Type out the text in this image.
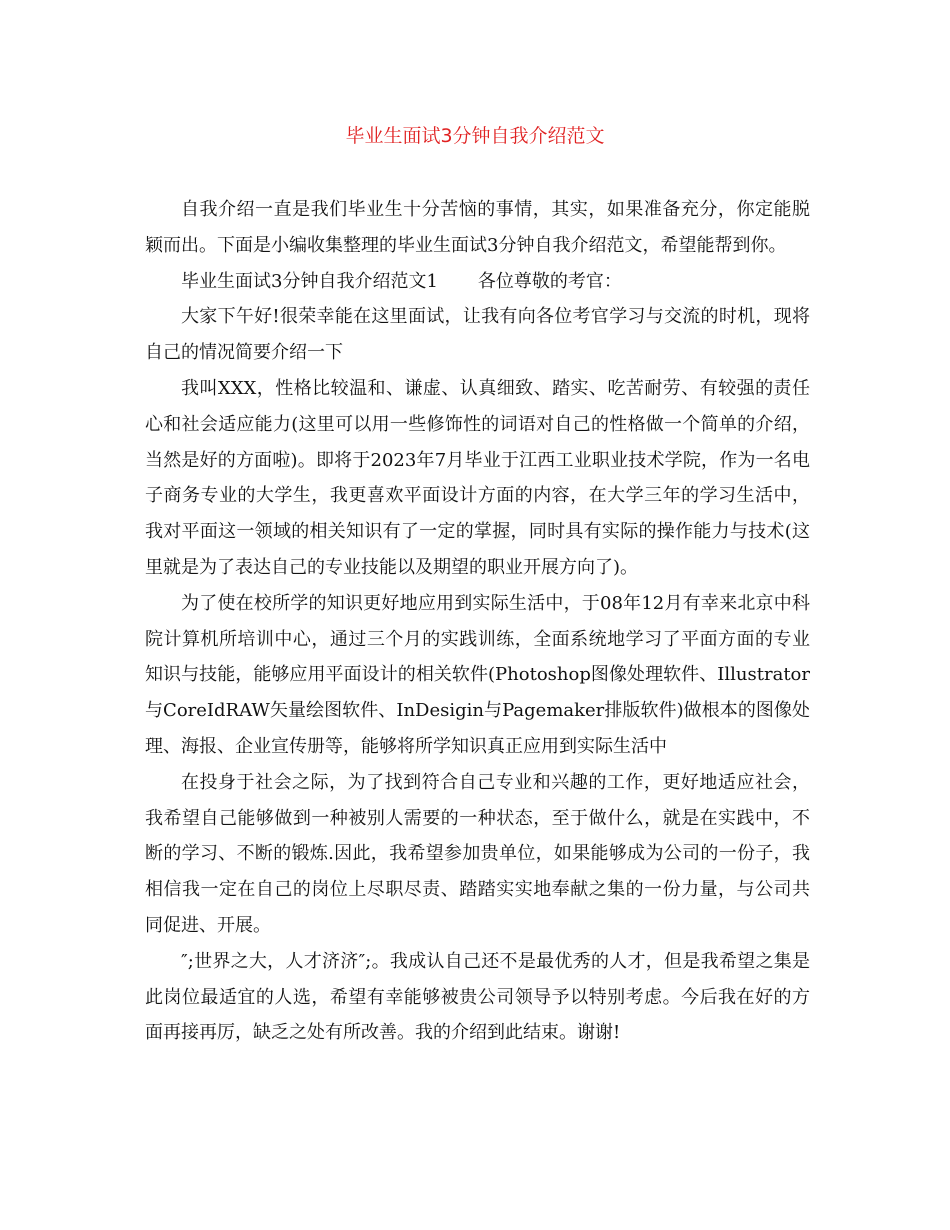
毕业生面试3分钟自我介绍范文

自我介绍一直是我们毕业生十分苦恼的事情，其实，如果准备充分，你定能脱颖而出。下面是小编收集整理的毕业生面试3分钟自我介绍范文，希望能帮到你。

毕业生面试3分钟自我介绍范文1 各位尊敬的考官：

大家下午好!很荣幸能在这里面试，让我有向各位考官学习与交流的时机，现将自己的情况简要介绍一下

我叫XXX，性格比较温和、谦虚、认真细致、踏实、吃苦耐劳、有较强的责任心和社会适应能力(这里可以用一些修饰性的词语对自己的性格做一个简单的介绍，当然是好的方面啦)。即将于2023年7月毕业于江西工业职业技术学院，作为一名电子商务专业的大学生，我更喜欢平面设计方面的内容，在大学三年的学习生活中，我对平面这一领域的相关知识有了一定的掌握，同时具有实际的操作能力与技术(这里就是为了表达自己的专业技能以及期望的职业开展方向了)。

为了使在校所学的知识更好地应用到实际生活中，于08年12月有幸来北京中科院计算机所培训中心，通过三个月的实践训练，全面系统地学习了平面方面的专业知识与技能，能够应用平面设计的相关软件(Photoshop图像处理软件、Illustrator与CoreIdRAW矢量绘图软件、InDesigin与Pagemaker排版软件)做根本的图像处理、海报、企业宣传册等，能够将所学知识真正应用到实际生活中

在投身于社会之际，为了找到符合自己专业和兴趣的工作，更好地适应社会，我希望自己能够做到一种被别人需要的一种状态，至于做什么，就是在实践中，不断的学习、不断的锻炼.因此，我希望参加贵单位，如果能够成为公司的一份子，我相信我一定在自己的岗位上尽职尽责、踏踏实实地奉献之集的一份力量，与公司共同促进、开展。

″;世界之大，人才济济″;。我成认自己还不是最优秀的人才，但是我希望之集是此岗位最适宜的人选，希望有幸能够被贵公司领导予以特别考虑。今后我在好的方面再接再厉，缺乏之处有所改善。我的介绍到此结束。谢谢!
